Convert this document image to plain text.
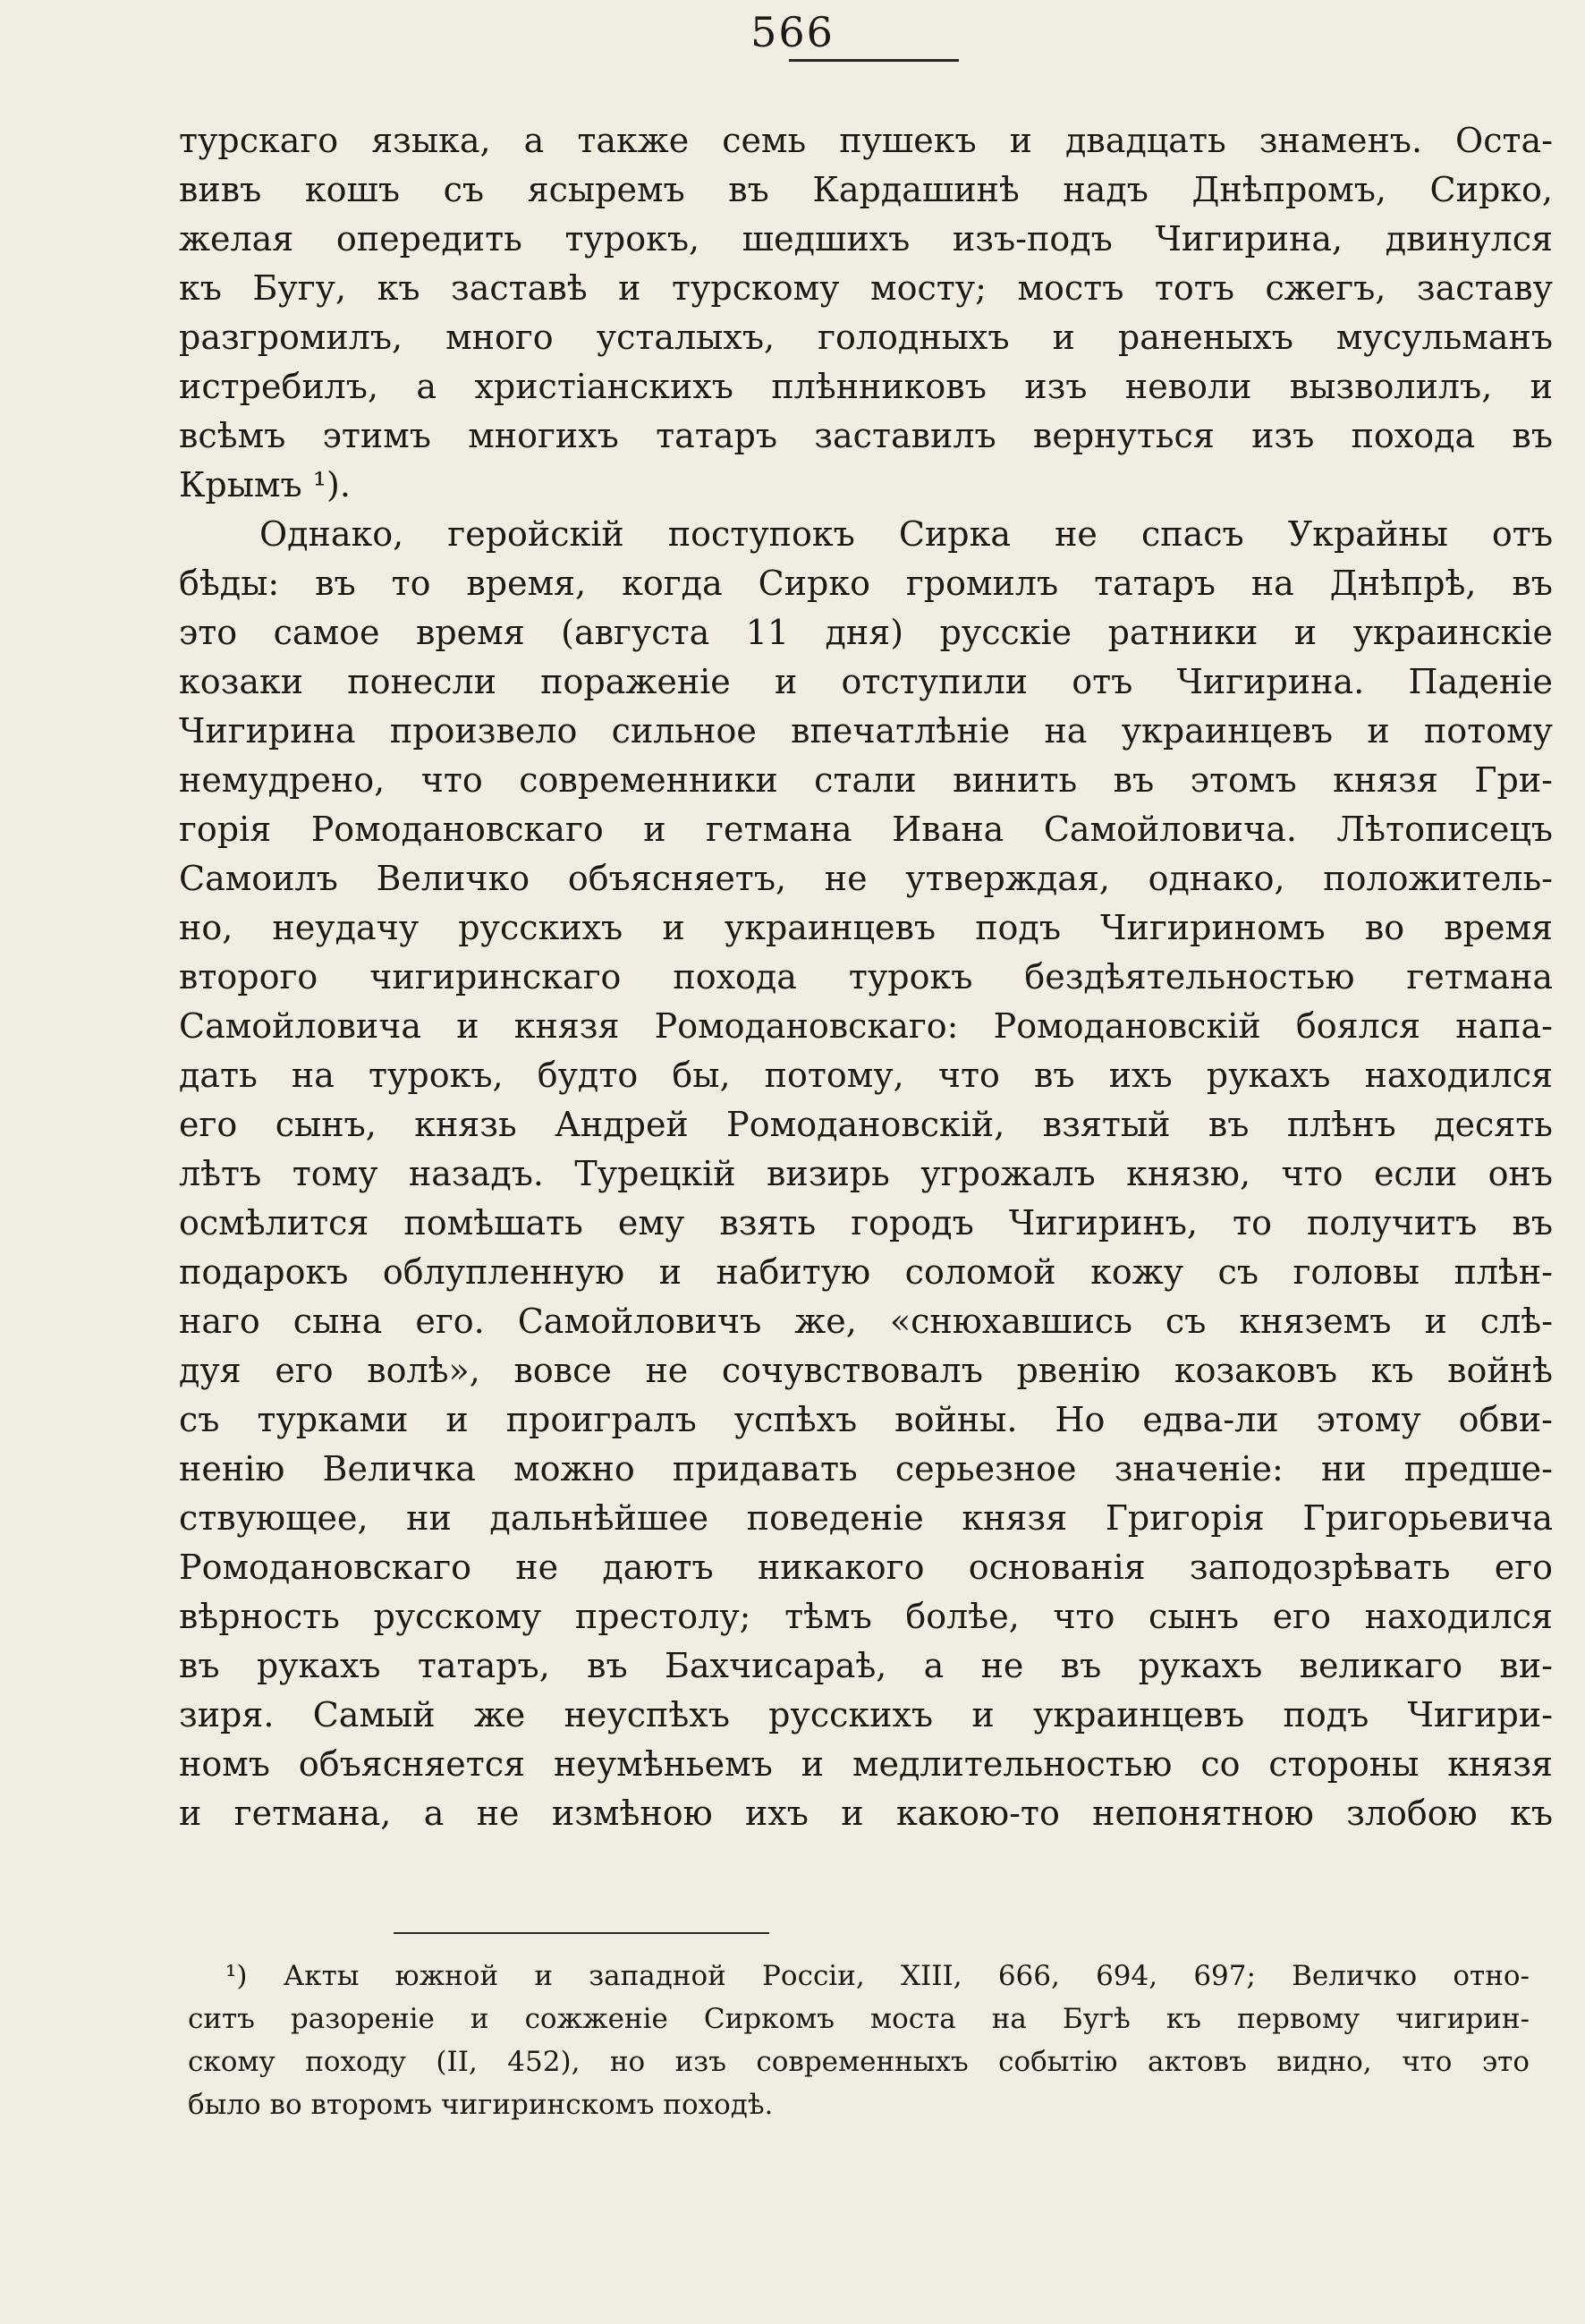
566
турскаго языка, а также семь пушекъ и двадцать знаменъ. Оста-
вивъ кошъ съ ясыремъ въ Кардашинѣ надъ Днѣпромъ, Сирко,
желая опередить турокъ, шедшихъ изъ-подъ Чигирина, двинулся
къ Бугу, къ заставѣ и турскому мосту; мостъ тотъ сжегъ, заставу
разгромилъ, много усталыхъ, голодныхъ и раненыхъ мусульманъ
истребилъ, а христіанскихъ плѣнниковъ изъ неволи вызволилъ, и
всѣмъ этимъ многихъ татаръ заставилъ вернуться изъ похода въ
Крымъ ¹).
Однако, геройскій поступокъ Сирка не спасъ Украйны отъ
бѣды: въ то время, когда Сирко громилъ татаръ на Днѣпрѣ, въ
это самое время (августа 11 дня) русскіе ратники и украинскіе
козаки понесли пораженіе и отступили отъ Чигирина. Паденіе
Чигирина произвело сильное впечатлѣніе на украинцевъ и потому
немудрено, что современники стали винить въ этомъ князя Гри-
горія Ромодановскаго и гетмана Ивана Самойловича. Лѣтописецъ
Самоилъ Величко объясняетъ, не утверждая, однако, положитель-
но, неудачу русскихъ и украинцевъ подъ Чигириномъ во время
второго чигиринскаго похода турокъ бездѣятельностью гетмана
Самойловича и князя Ромодановскаго: Ромодановскій боялся напа-
дать на турокъ, будто бы, потому, что въ ихъ рукахъ находился
его сынъ, князь Андрей Ромодановскій, взятый въ плѣнъ десять
лѣтъ тому назадъ. Турецкій визирь угрожалъ князю, что если онъ
осмѣлится помѣшать ему взять городъ Чигиринъ, то получитъ въ
подарокъ облупленную и набитую соломой кожу съ головы плѣн-
наго сына его. Самойловичъ же, «снюхавшись съ княземъ и слѣ-
дуя его волѣ», вовсе не сочувствовалъ рвенію козаковъ къ войнѣ
съ турками и проигралъ успѣхъ войны. Но едва-ли этому обви-
ненію Величка можно придавать серьезное значеніе: ни предше-
ствующее, ни дальнѣйшее поведеніе князя Григорія Григорьевича
Ромодановскаго не даютъ никакого основанія заподозрѣвать его
вѣрность русскому престолу; тѣмъ болѣе, что сынъ его находился
въ рукахъ татаръ, въ Бахчисараѣ, а не въ рукахъ великаго ви-
зиря. Самый же неуспѣхъ русскихъ и украинцевъ подъ Чигири-
номъ объясняется неумѣньемъ и медлительностью со стороны князя
и гетмана, а не измѣною ихъ и какою-то непонятною злобою къ
¹) Акты южной и западной Россіи, XIII, 666, 694, 697; Величко отно-
ситъ разореніе и сожженіе Сиркомъ моста на Бугѣ къ первому чигирин-
скому походу (II, 452), но изъ современныхъ событію актовъ видно, что это
было во второмъ чигиринскомъ походѣ.
